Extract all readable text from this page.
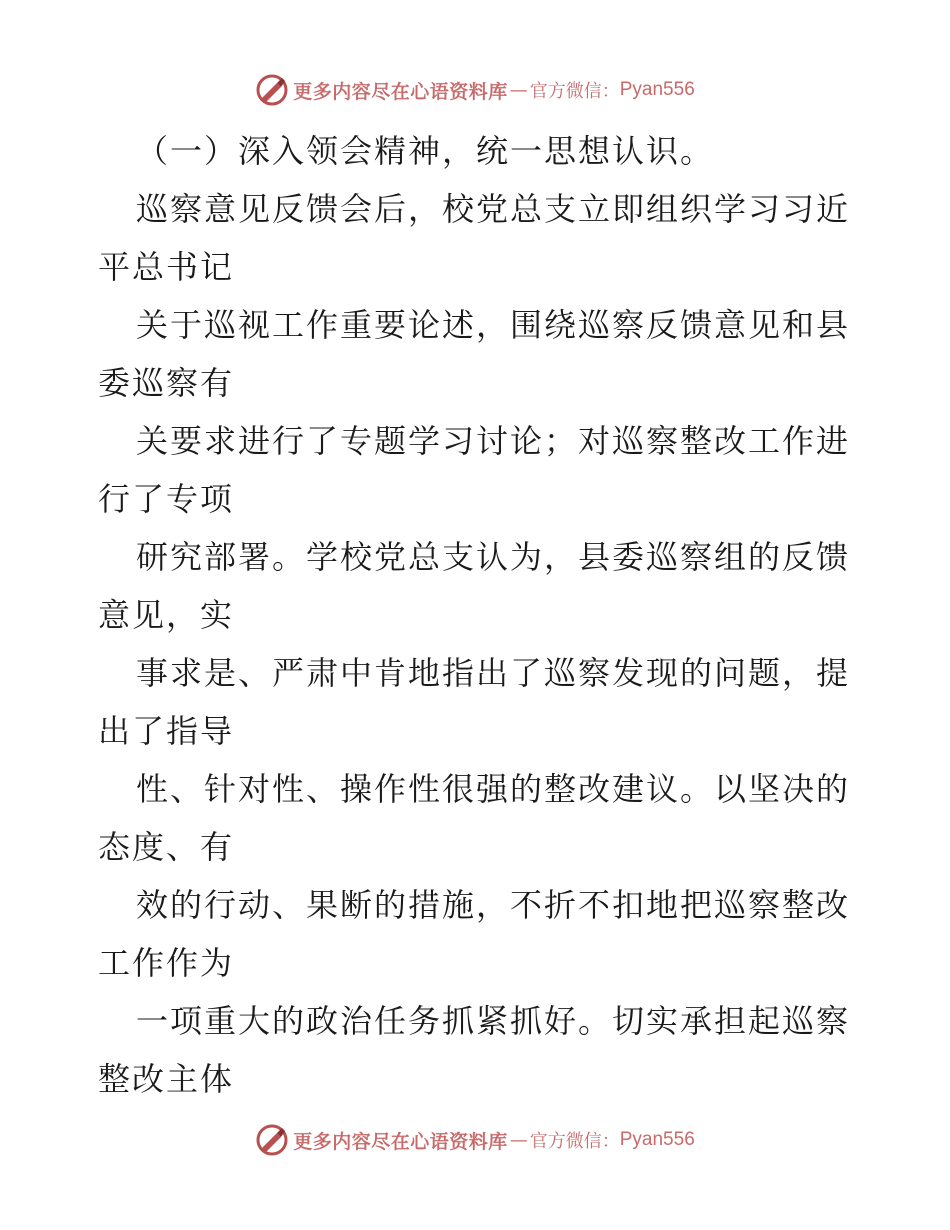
更多内容尽在心语资料库 — 官方微信： Pyan556
（一）深入领会精神，统一思想认识。
巡察意见反馈会后，校党总支立即组织学习习近
平总书记
关于巡视工作重要论述，围绕巡察反馈意见和县
委巡察有
关要求进行了专题学习讨论；对巡察整改工作进
行了专项
研究部署。学校党总支认为，县委巡察组的反馈
意见，实
事求是、严肃中肯地指出了巡察发现的问题，提
出了指导
性、针对性、操作性很强的整改建议。以坚决的
态度、有
效的行动、果断的措施，不折不扣地把巡察整改
工作作为
一项重大的政治任务抓紧抓好。切实承担起巡察
整改主体
更多内容尽在心语资料库 — 官方微信： Pyan556
